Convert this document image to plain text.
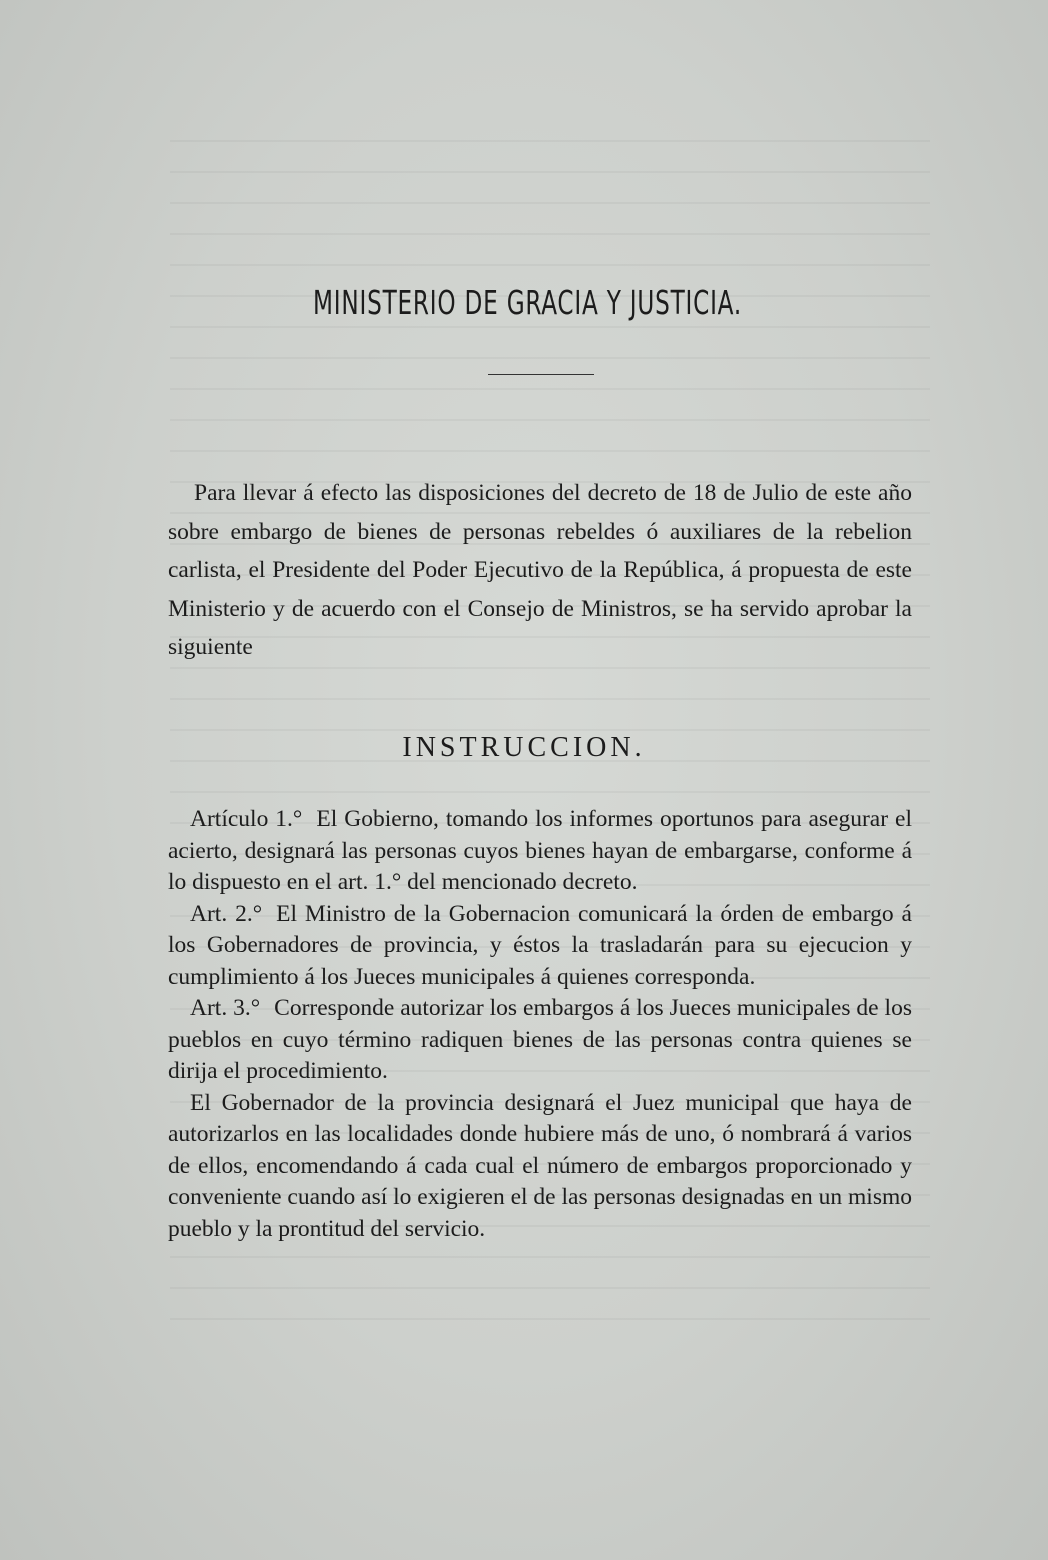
MINISTERIO DE GRACIA Y JUSTICIA.

Para llevar á efecto las disposiciones del decreto de 18 de Julio de este año sobre embargo de bienes de personas rebeldes ó auxiliares de la rebelion carlista, el Presidente del Poder Ejecutivo de la República, á propuesta de este Ministerio y de acuerdo con el Consejo de Ministros, se ha servido aprobar la siguiente

INSTRUCCION.

Artículo 1.° El Gobierno, tomando los informes oportunos para asegurar el acierto, designará las personas cuyos bienes hayan de embargarse, conforme á lo dispuesto en el art. 1.° del mencionado decreto.

Art. 2.° El Ministro de la Gobernacion comunicará la órden de embargo á los Gobernadores de provincia, y éstos la trasladarán para su ejecucion y cumplimiento á los Jueces municipales á quienes corresponda.

Art. 3.° Corresponde autorizar los embargos á los Jueces municipales de los pueblos en cuyo término radiquen bienes de las personas contra quienes se dirija el procedimiento.

El Gobernador de la provincia designará el Juez municipal que haya de autorizarlos en las localidades donde hubiere más de uno, ó nombrará á varios de ellos, encomendando á cada cual el número de embargos proporcionado y conveniente cuando así lo exigieren el de las personas designadas en un mismo pueblo y la prontitud del servicio.
